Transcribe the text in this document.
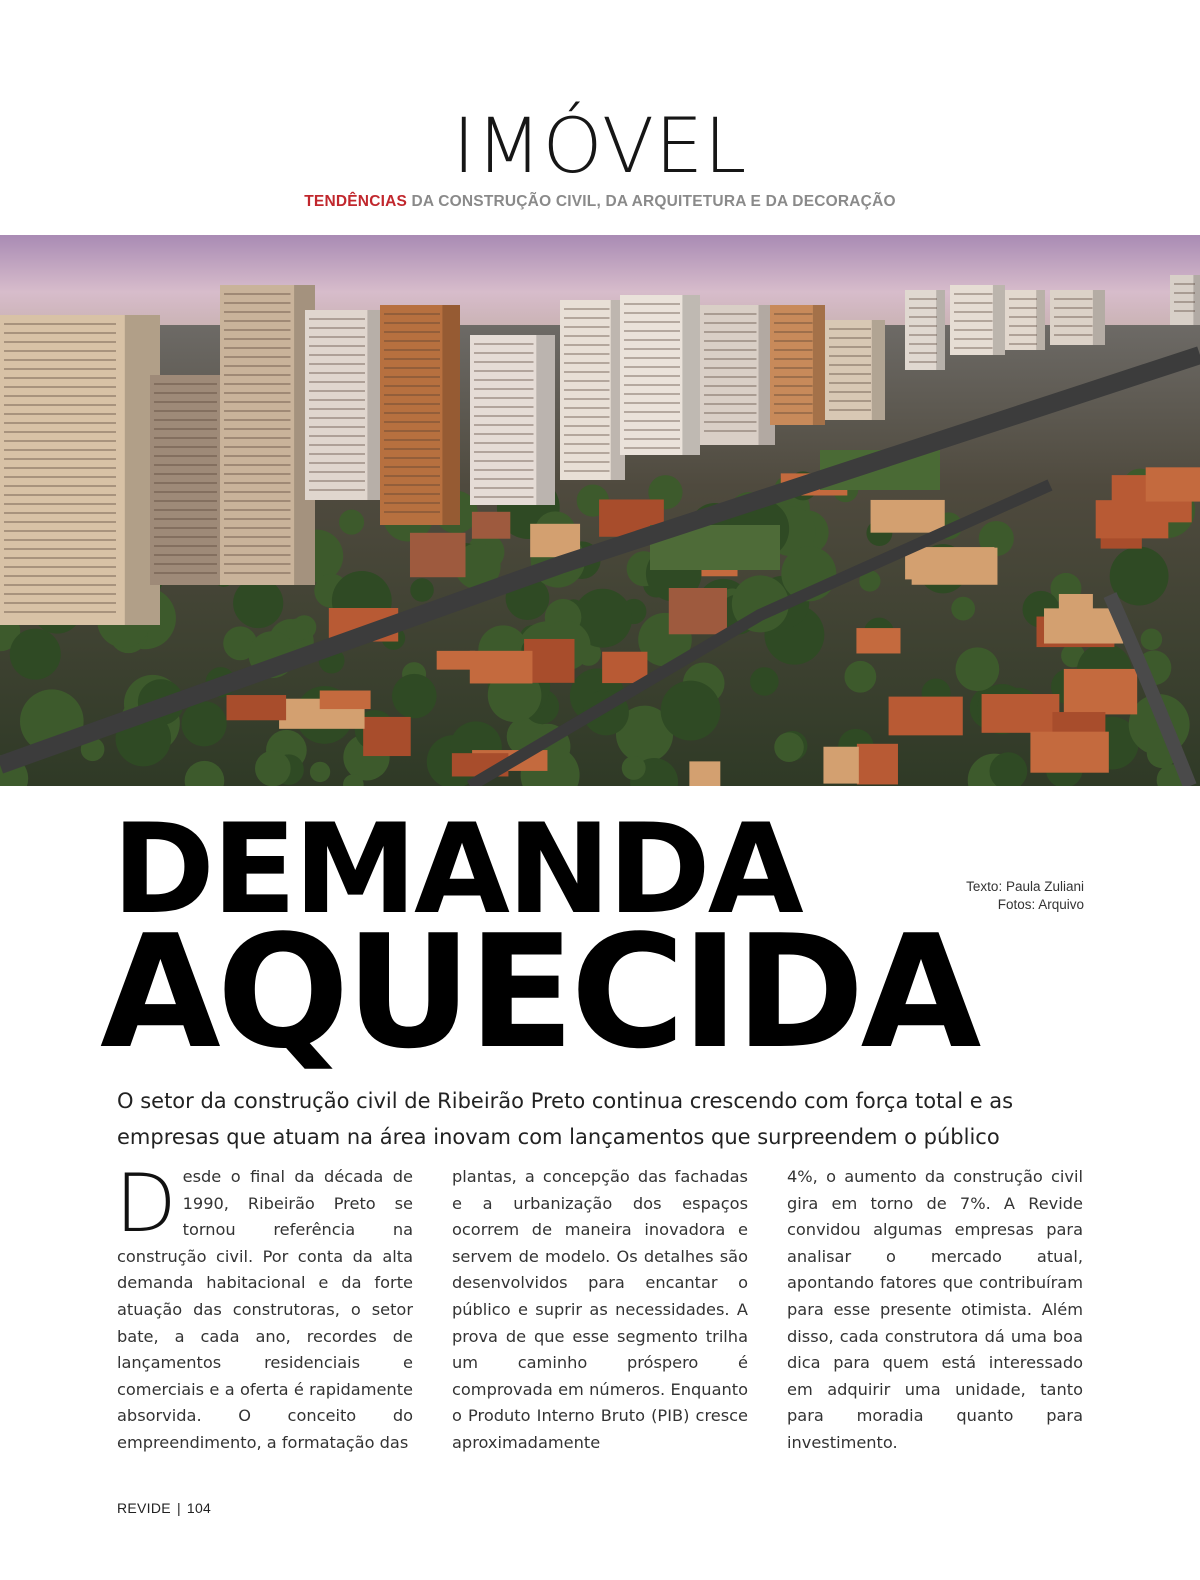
IMÓVEL
TENDÊNCIAS DA CONSTRUÇÃO CIVIL, DA ARQUITETURA E DA DECORAÇÃO
DEMANDA
AQUECIDA
Texto: Paula Zuliani
Fotos: Arquivo

O setor da construção civil de Ribeirão Preto continua crescendo com força total e as

empresas que atuam na área inovam com lançamentos que surpreendem o público

D esde o final da década de 1990, Ribeirão Preto se tornou referência na construção civil. Por conta da alta demanda habitacional e da forte atuação das construtoras, o setor bate, a cada ano, recordes de lançamentos residenciais e comerciais e a oferta é rapidamente absorvida. O conceito do empreendimento, a formatação das

plantas, a concepção das fachadas e a urbanização dos espaços ocorrem de maneira inovadora e servem de modelo. Os detalhes são desenvolvidos para encantar o público e suprir as necessidades. A prova de que esse segmento trilha um caminho próspero é comprovada em números. Enquanto o Produto Interno Bruto (PIB) cresce aproximadamente

4%, o aumento da construção civil gira em torno de 7%. A Revide convidou algumas empresas para analisar o mercado atual, apontando fatores que contribuíram para esse presente otimista. Além disso, cada construtora dá uma boa dica para quem está interessado em adquirir uma unidade, tanto para moradia quanto para investimento.

REVIDE | 104
